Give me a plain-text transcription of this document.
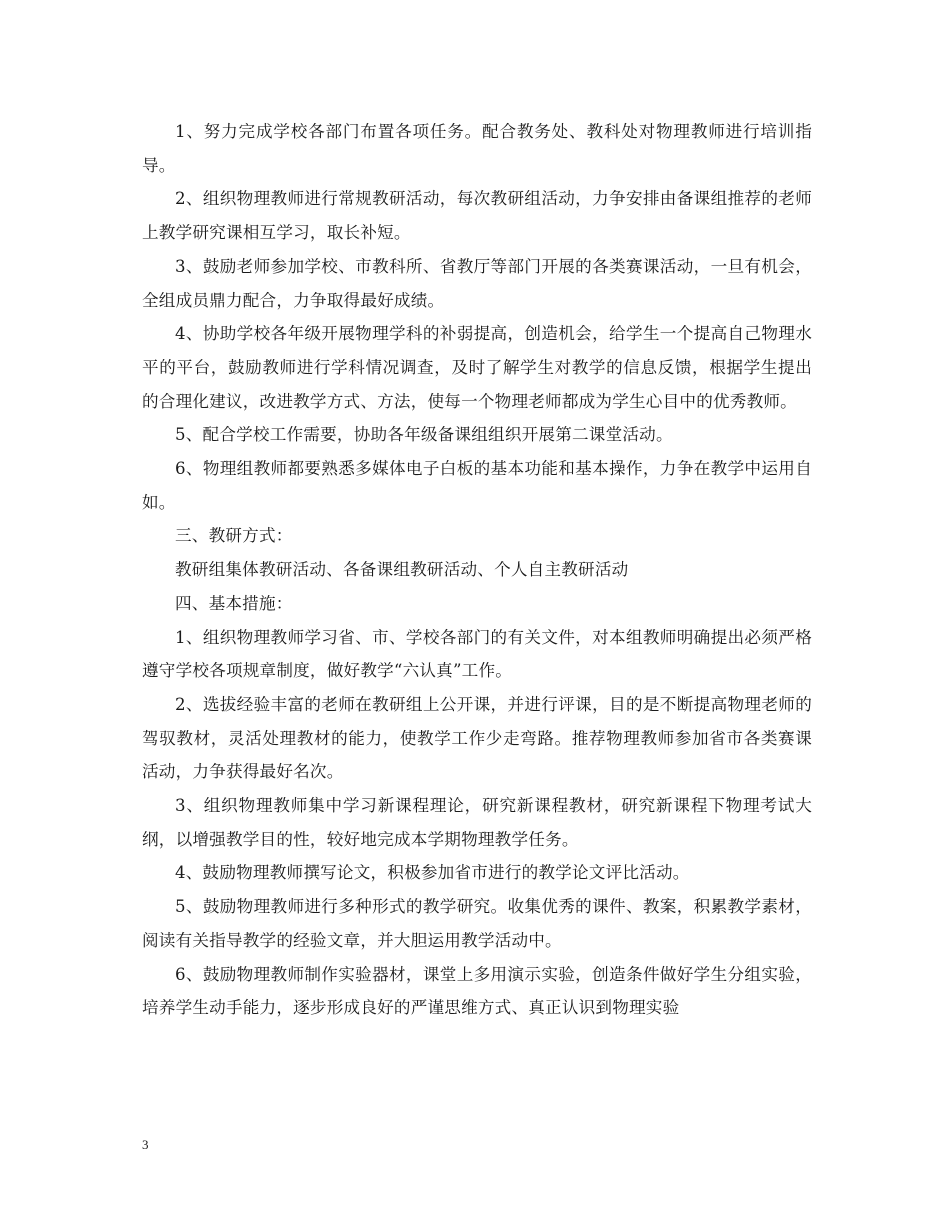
1、努力完成学校各部门布置各项任务。配合教务处、教科处对物理教师进行培训指导。

2、组织物理教师进行常规教研活动，每次教研组活动，力争安排由备课组推荐的老师上教学研究课相互学习，取长补短。

3、鼓励老师参加学校、市教科所、省教厅等部门开展的各类赛课活动，一旦有机会，全组成员鼎力配合，力争取得最好成绩。

4、协助学校各年级开展物理学科的补弱提高，创造机会，给学生一个提高自己物理水平的平台，鼓励教师进行学科情况调查，及时了解学生对教学的信息反馈，根据学生提出的合理化建议，改进教学方式、方法，使每一个物理老师都成为学生心目中的优秀教师。

5、配合学校工作需要，协助各年级备课组组织开展第二课堂活动。

6、物理组教师都要熟悉多媒体电子白板的基本功能和基本操作，力争在教学中运用自如。

三、教研方式：

教研组集体教研活动、各备课组教研活动、个人自主教研活动

四、基本措施：

1、组织物理教师学习省、市、学校各部门的有关文件，对本组教师明确提出必须严格遵守学校各项规章制度，做好教学“六认真”工作。

2、选拔经验丰富的老师在教研组上公开课，并进行评课，目的是不断提高物理老师的驾驭教材，灵活处理教材的能力，使教学工作少走弯路。推荐物理教师参加省市各类赛课活动，力争获得最好名次。

3、组织物理教师集中学习新课程理论，研究新课程教材，研究新课程下物理考试大纲，以增强教学目的性，较好地完成本学期物理教学任务。

4、鼓励物理教师撰写论文，积极参加省市进行的教学论文评比活动。

5、鼓励物理教师进行多种形式的教学研究。收集优秀的课件、教案，积累教学素材，阅读有关指导教学的经验文章，并大胆运用教学活动中。

6、鼓励物理教师制作实验器材，课堂上多用演示实验，创造条件做好学生分组实验，培养学生动手能力，逐步形成良好的严谨思维方式、真正认识到物理实验

3
